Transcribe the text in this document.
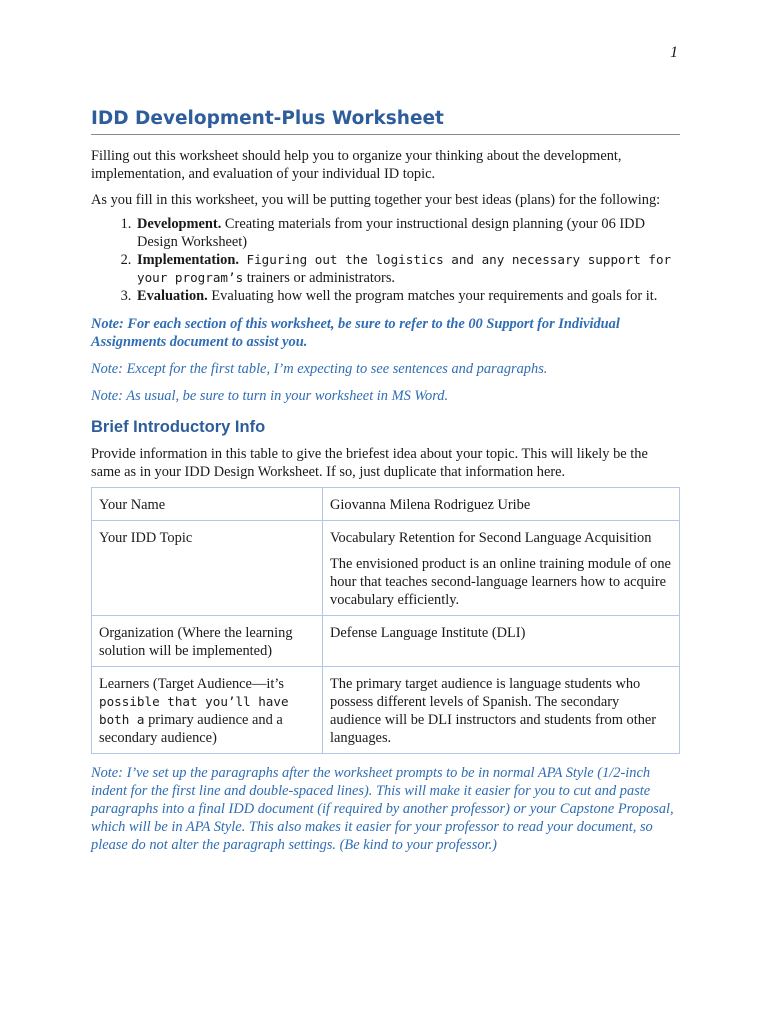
1
IDD Development-Plus Worksheet

Filling out this worksheet should help you to organize your thinking about the development, implementation, and evaluation of your individual ID topic.

As you fill in this worksheet, you will be putting together your best ideas (plans) for the following:

1. Development. Creating materials from your instructional design planning (your 06 IDD Design Worksheet)
2. Implementation. Figuring out the logistics and any necessary support for your program’s trainers or administrators.
3. Evaluation. Evaluating how well the program matches your requirements and goals for it.

Note: For each section of this worksheet, be sure to refer to the 00 Support for Individual Assignments document to assist you.

Note: Except for the first table, I’m expecting to see sentences and paragraphs.

Note: As usual, be sure to turn in your worksheet in MS Word.

Brief Introductory Info

Provide information in this table to give the briefest idea about your topic. This will likely be the same as in your IDD Design Worksheet. If so, just duplicate that information here.

Your Name	Giovanna Milena Rodriguez Uribe

Your IDD Topic	Vocabulary Retention for Second Language Acquisition

The envisioned product is an online training module of one hour that teaches second-language learners how to acquire vocabulary efficiently.

Organization (Where the learning solution will be implemented)	Defense Language Institute (DLI)

Learners (Target Audience—it’s possible that you’ll have both a primary audience and a secondary audience)	The primary target audience is language students who possess different levels of Spanish. The secondary audience will be DLI instructors and students from other languages.

Note: I’ve set up the paragraphs after the worksheet prompts to be in normal APA Style (1/2-inch indent for the first line and double-spaced lines). This will make it easier for you to cut and paste paragraphs into a final IDD document (if required by another professor) or your Capstone Proposal, which will be in APA Style. This also makes it easier for your professor to read your document, so please do not alter the paragraph settings. (Be kind to your professor.)
